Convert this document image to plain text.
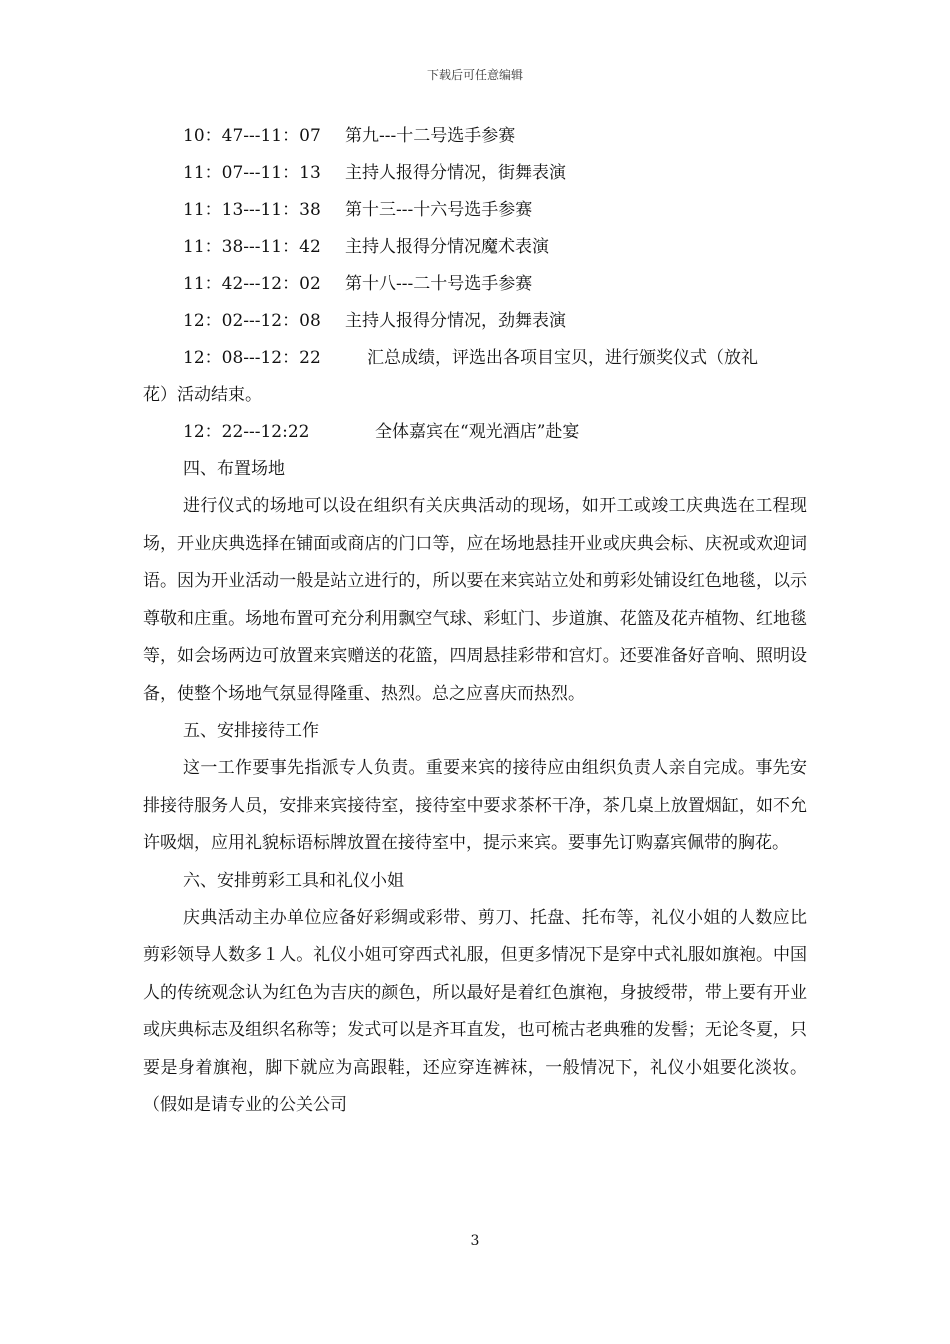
下载后可任意编辑
10：47---11：07 第九---十二号选手参赛
11：07---11：13 主持人报得分情况，街舞表演
11：13---11：38 第十三---十六号选手参赛
11：38---11：42 主持人报得分情况魔术表演
11：42---12：02 第十八---二十号选手参赛
12：02---12：08 主持人报得分情况，劲舞表演
12：08---12：22	汇总成绩，评选出各项目宝贝，进行颁奖仪式（放礼
花）活动结束。
12：22---12:22	全体嘉宾在“观光酒店”赴宴
四、布置场地
进行仪式的场地可以设在组织有关庆典活动的现场，如开工或竣工庆典选在工程现场，开业庆典选择在铺面或商店的门口等，应在场地悬挂开业或庆典会标、庆祝或欢迎词语。因为开业活动一般是站立进行的，所以要在来宾站立处和剪彩处铺设红色地毯，以示尊敬和庄重。场地布置可充分利用飘空气球、彩虹门、步道旗、花篮及花卉植物、红地毯等，如会场两边可放置来宾赠送的花篮，四周悬挂彩带和宫灯。还要准备好音响、照明设备，使整个场地气氛显得隆重、热烈。总之应喜庆而热烈。
五、安排接待工作
这一工作要事先指派专人负责。重要来宾的接待应由组织负责人亲自完成。事先安排接待服务人员，安排来宾接待室，接待室中要求茶杯干净，茶几桌上放置烟缸，如不允许吸烟，应用礼貌标语标牌放置在接待室中，提示来宾。要事先订购嘉宾佩带的胸花。
六、安排剪彩工具和礼仪小姐
庆典活动主办单位应备好彩绸或彩带、剪刀、托盘、托布等，礼仪小姐的人数应比剪彩领导人数多１人。礼仪小姐可穿西式礼服，但更多情况下是穿中式礼服如旗袍。中国人的传统观念认为红色为吉庆的颜色，所以最好是着红色旗袍，身披绶带，带上要有开业或庆典标志及组织名称等；发式可以是齐耳直发，也可梳古老典雅的发髻；无论冬夏，只要是身着旗袍，脚下就应为高跟鞋，还应穿连裤袜，一般情况下，礼仪小姐要化淡妆。（假如是请专业的公关公司
3
